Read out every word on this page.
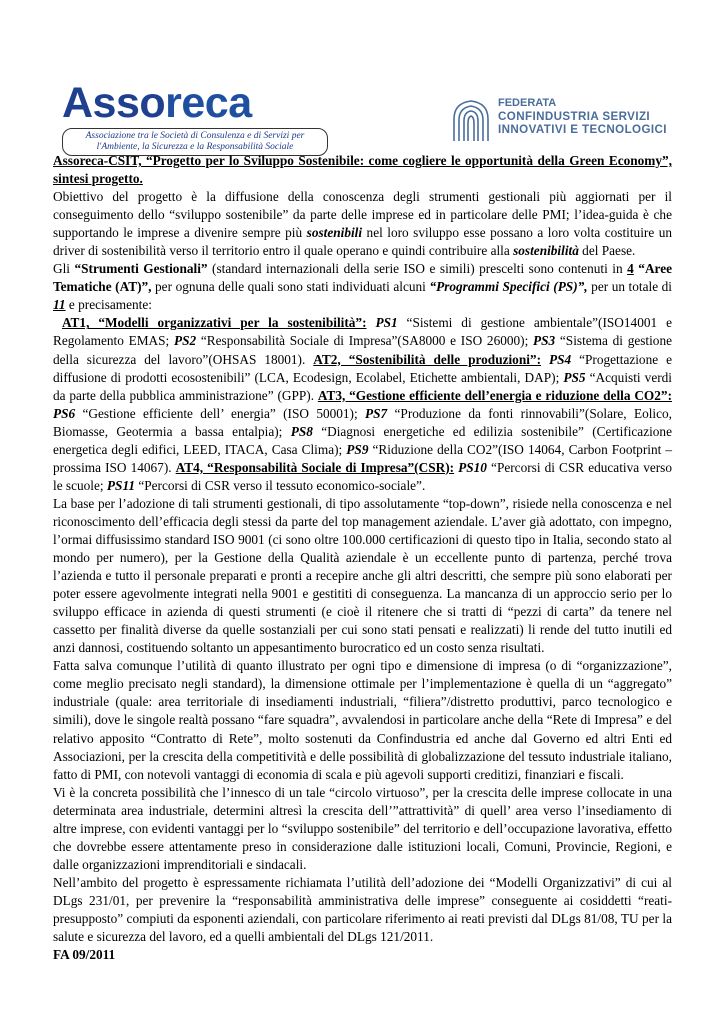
Assoreca
Associazione tra le Società di Consulenza e di Servizi per l'Ambiente, la Sicurezza e la Responsabilità Sociale
FEDERATA
CONFINDUSTRIA SERVIZI
INNOVATIVI E TECNOLOGICI

Assoreca-CSIT, “Progetto per lo Sviluppo Sostenibile: come cogliere le opportunità della Green Economy”, sintesi progetto.

Obiettivo del progetto è la diffusione della conoscenza degli strumenti gestionali più aggiornati per il conseguimento dello “sviluppo sostenibile” da parte delle imprese ed in particolare delle PMI; l’idea-guida è che supportando le imprese a divenire sempre più sostenibili nel loro sviluppo esse possano a loro volta costituire un driver di sostenibilità verso il territorio entro il quale operano e quindi contribuire alla sostenibilità del Paese.

Gli “Strumenti Gestionali” (standard internazionali della serie ISO e simili) prescelti sono contenuti in 4 “Aree Tematiche (AT)”, per ognuna delle quali sono stati individuati alcuni “Programmi Specifici (PS)”, per un totale di 11 e precisamente:

AT1, “Modelli organizzativi per la sostenibilità”: PS1 “Sistemi di gestione ambientale”(ISO14001 e Regolamento EMAS; PS2 “Responsabilità Sociale di Impresa”(SA8000 e ISO 26000); PS3 “Sistema di gestione della sicurezza del lavoro”(OHSAS 18001). AT2, “Sostenibilità delle produzioni”: PS4 “Progettazione e diffusione di prodotti ecosostenibili” (LCA, Ecodesign, Ecolabel, Etichette ambientali, DAP); PS5 “Acquisti verdi da parte della pubblica amministrazione” (GPP). AT3, “Gestione efficiente dell’energia e riduzione della CO2”: PS6 “Gestione efficiente dell’ energia” (ISO 50001); PS7 “Produzione da fonti rinnovabili”(Solare, Eolico, Biomasse, Geotermia a bassa entalpia); PS8 “Diagnosi energetiche ed edilizia sostenibile” (Certificazione energetica degli edifici, LEED, ITACA, Casa Clima); PS9 “Riduzione della CO2”(ISO 14064, Carbon Footprint – prossima ISO 14067). AT4, “Responsabilità Sociale di Impresa”(CSR): PS10 “Percorsi di CSR educativa verso le scuole; PS11 “Percorsi di CSR verso il tessuto economico-sociale”.

La base per l’adozione di tali strumenti gestionali, di tipo assolutamente “top-down”, risiede nella conoscenza e nel riconoscimento dell’efficacia degli stessi da parte del top management aziendale. L’aver già adottato, con impegno, l’ormai diffusissimo standard ISO 9001 (ci sono oltre 100.000 certificazioni di questo tipo in Italia, secondo stato al mondo per numero), per la Gestione della Qualità aziendale è un eccellente punto di partenza, perché trova l’azienda e tutto il personale preparati e pronti a recepire anche gli altri descritti, che sempre più sono elaborati per poter essere agevolmente integrati nella 9001 e gestititi di conseguenza. La mancanza di un approccio serio per lo sviluppo efficace in azienda di questi strumenti (e cioè il ritenere che si tratti di “pezzi di carta” da tenere nel cassetto per finalità diverse da quelle sostanziali per cui sono stati pensati e realizzati) li rende del tutto inutili ed anzi dannosi, costituendo soltanto un appesantimento burocratico ed un costo senza risultati.

Fatta salva comunque l’utilità di quanto illustrato per ogni tipo e dimensione di impresa (o di “organizzazione”, come meglio precisato negli standard), la dimensione ottimale per l’implementazione è quella di un “aggregato” industriale (quale: area territoriale di insediamenti industriali, “filiera”/distretto produttivi, parco tecnologico e simili), dove le singole realtà possano “fare squadra”, avvalendosi in particolare anche della “Rete di Impresa” e del relativo apposito “Contratto di Rete”, molto sostenuti da Confindustria ed anche dal Governo ed altri Enti ed Associazioni, per la crescita della competitività e delle possibilità di globalizzazione del tessuto industriale italiano, fatto di PMI, con notevoli vantaggi di economia di scala e più agevoli supporti creditizi, finanziari e fiscali.

Vi è la concreta possibilità che l’innesco di un tale “circolo virtuoso”, per la crescita delle imprese collocate in una determinata area industriale, determini altresì la crescita dell’”attrattività” di quell’ area verso l’insediamento di altre imprese, con evidenti vantaggi per lo “sviluppo sostenibile” del territorio e dell’occupazione lavorativa, effetto che dovrebbe essere attentamente preso in considerazione dalle istituzioni locali, Comuni, Provincie, Regioni, e dalle organizzazioni imprenditoriali e sindacali.

Nell’ambito del progetto è espressamente richiamata l’utilità dell’adozione dei “Modelli Organizzativi” di cui al DLgs 231/01, per prevenire la “responsabilità amministrativa delle imprese” conseguente ai cosiddetti “reati-presupposto” compiuti da esponenti aziendali, con particolare riferimento ai reati previsti dal DLgs 81/08, TU per la salute e sicurezza del lavoro, ed a quelli ambientali del DLgs 121/2011.

FA 09/2011
